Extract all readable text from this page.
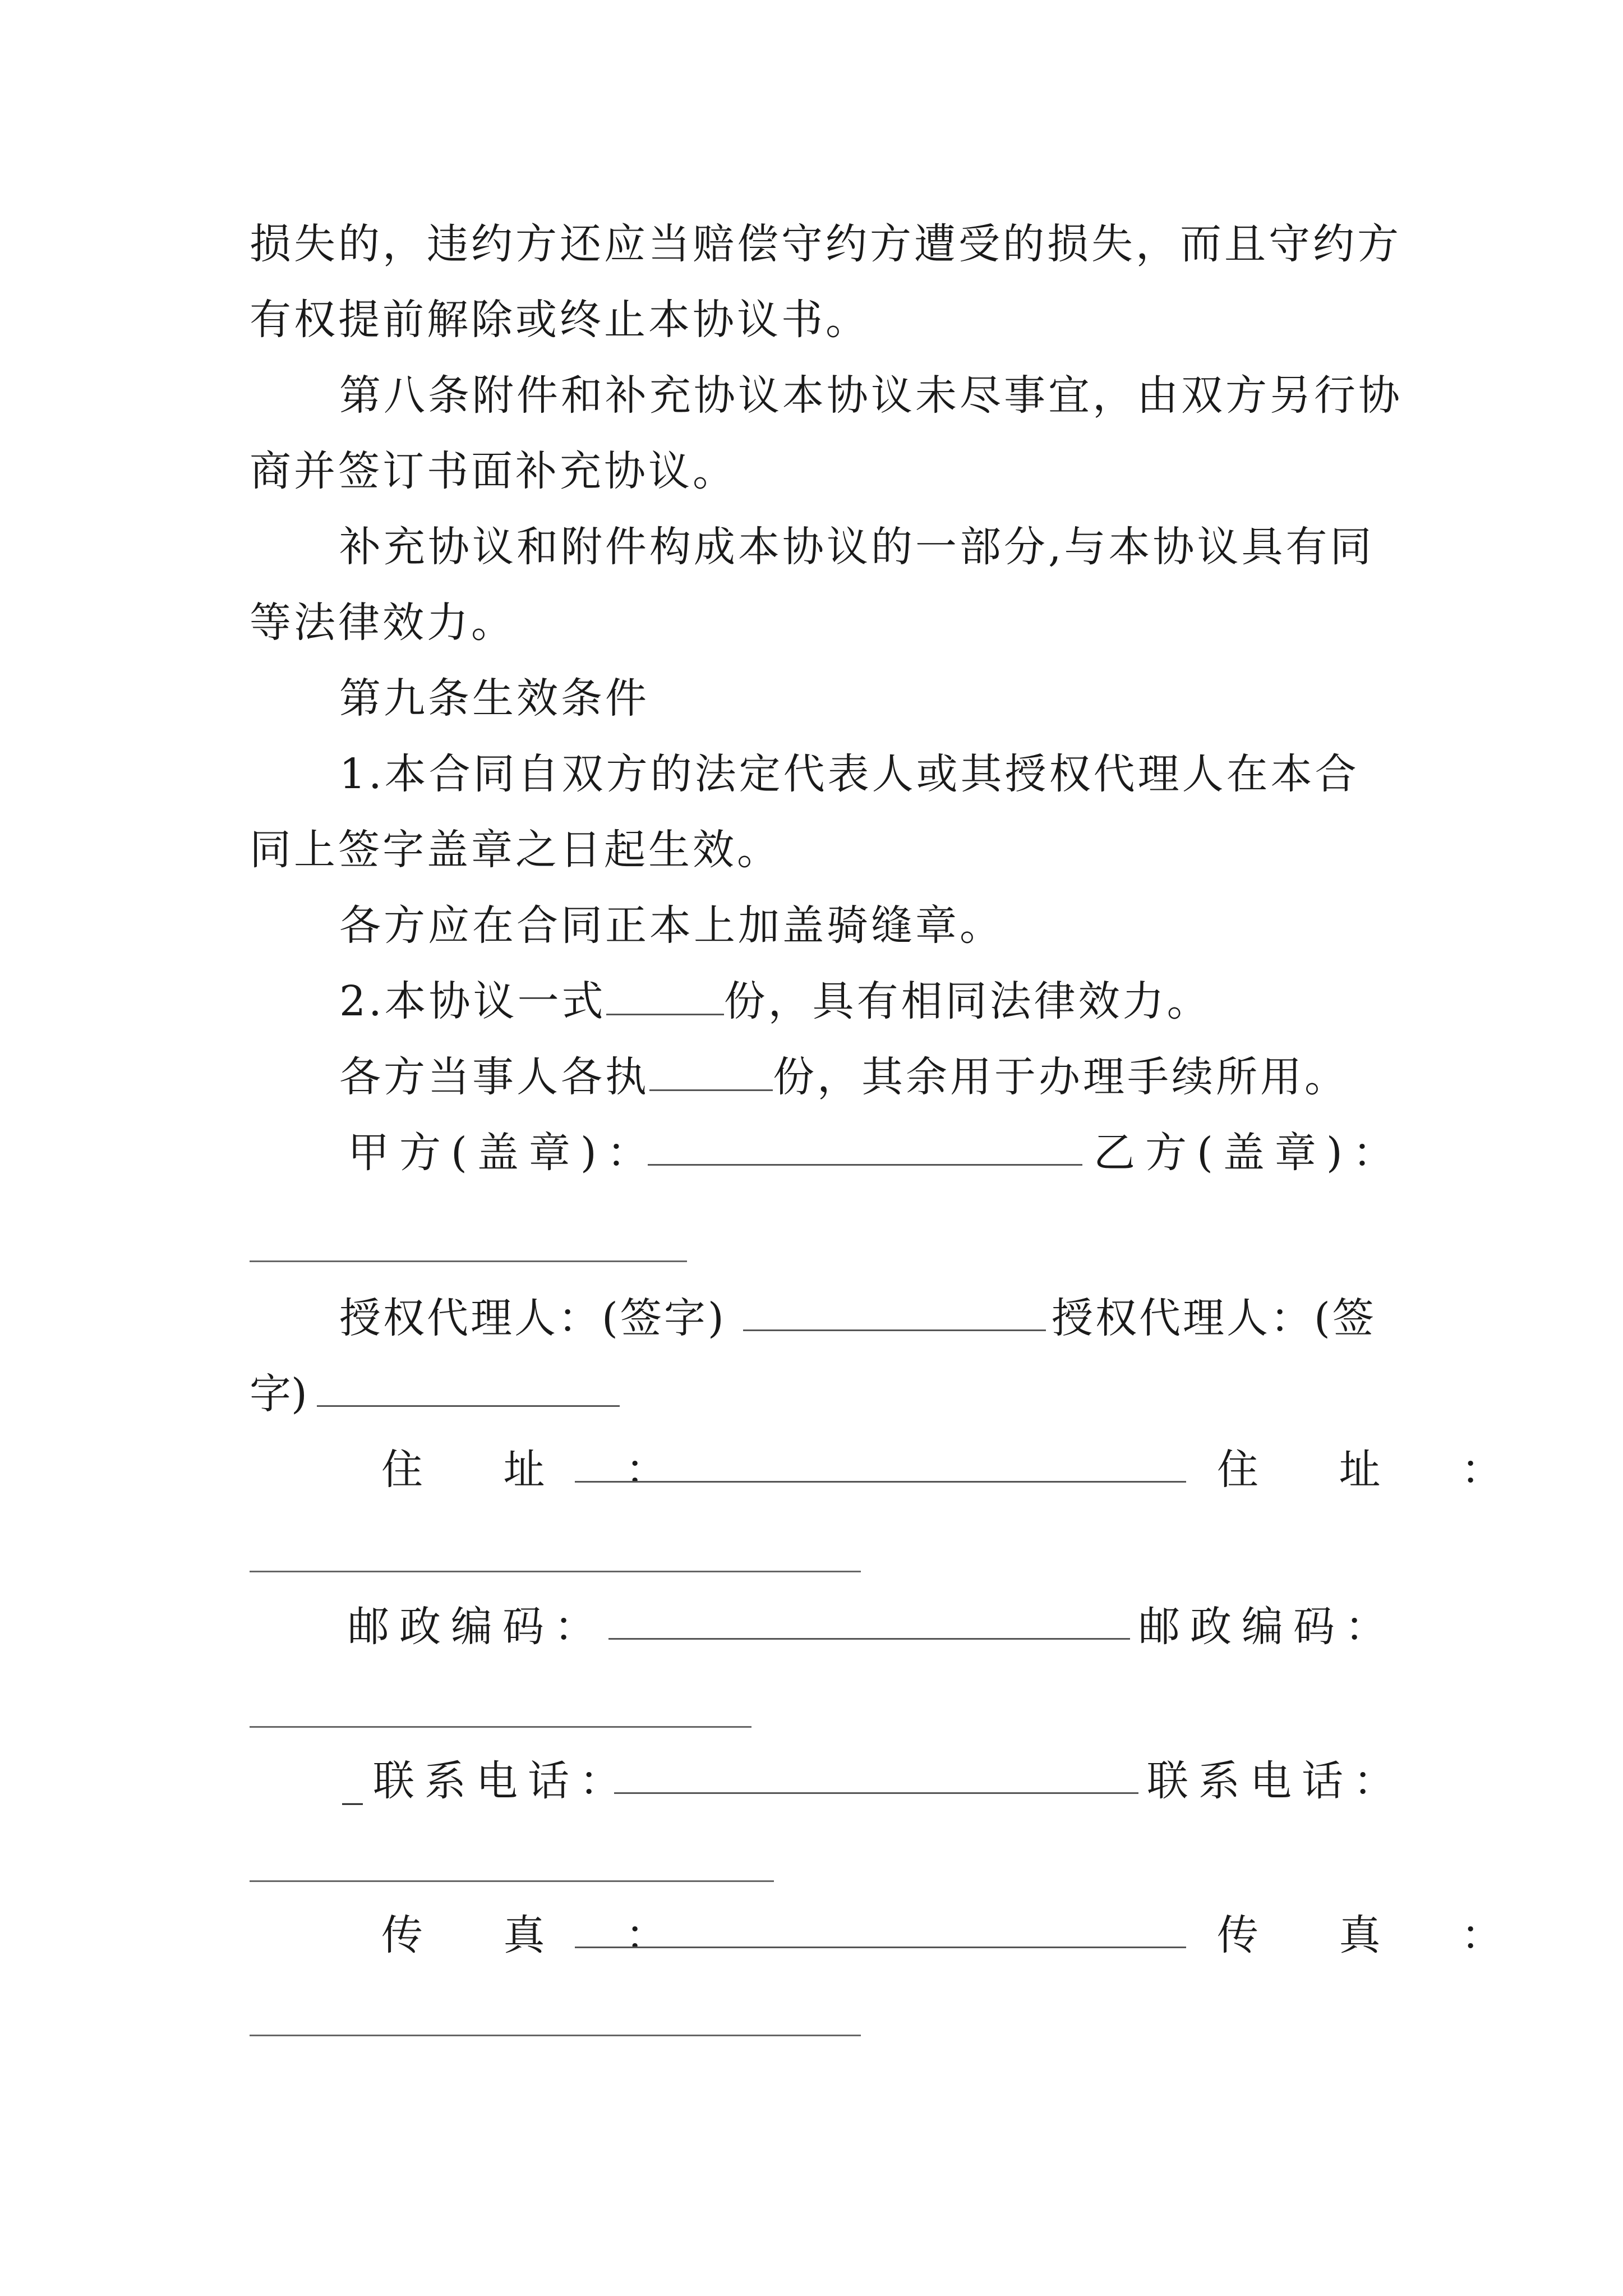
损失的，违约方还应当赔偿守约方遭受的损失，而且守约方
有权提前解除或终止本协议书。
第八条附件和补充协议本协议未尽事宜，由双方另行协
商并签订书面补充协议。
补充协议和附件构成本协议的一部分,与本协议具有同
等法律效力。
第九条生效条件
1.本合同自双方的法定代表人或其授权代理人在本合
同上签字盖章之日起生效。
各方应在合同正本上加盖骑缝章。
2.本协议一式	份，具有相同法律效力。
各方当事人各执	份，其余用于办理手续所用。
甲方(盖章)：	乙方(盖章)：
授权代理人：(签字)	授权代理人：(签
字)
住 址 ：	住 址 ：
邮政编码：	邮政编码：
_联系电话：	联系电话：
传 真 ：	传 真 ：
